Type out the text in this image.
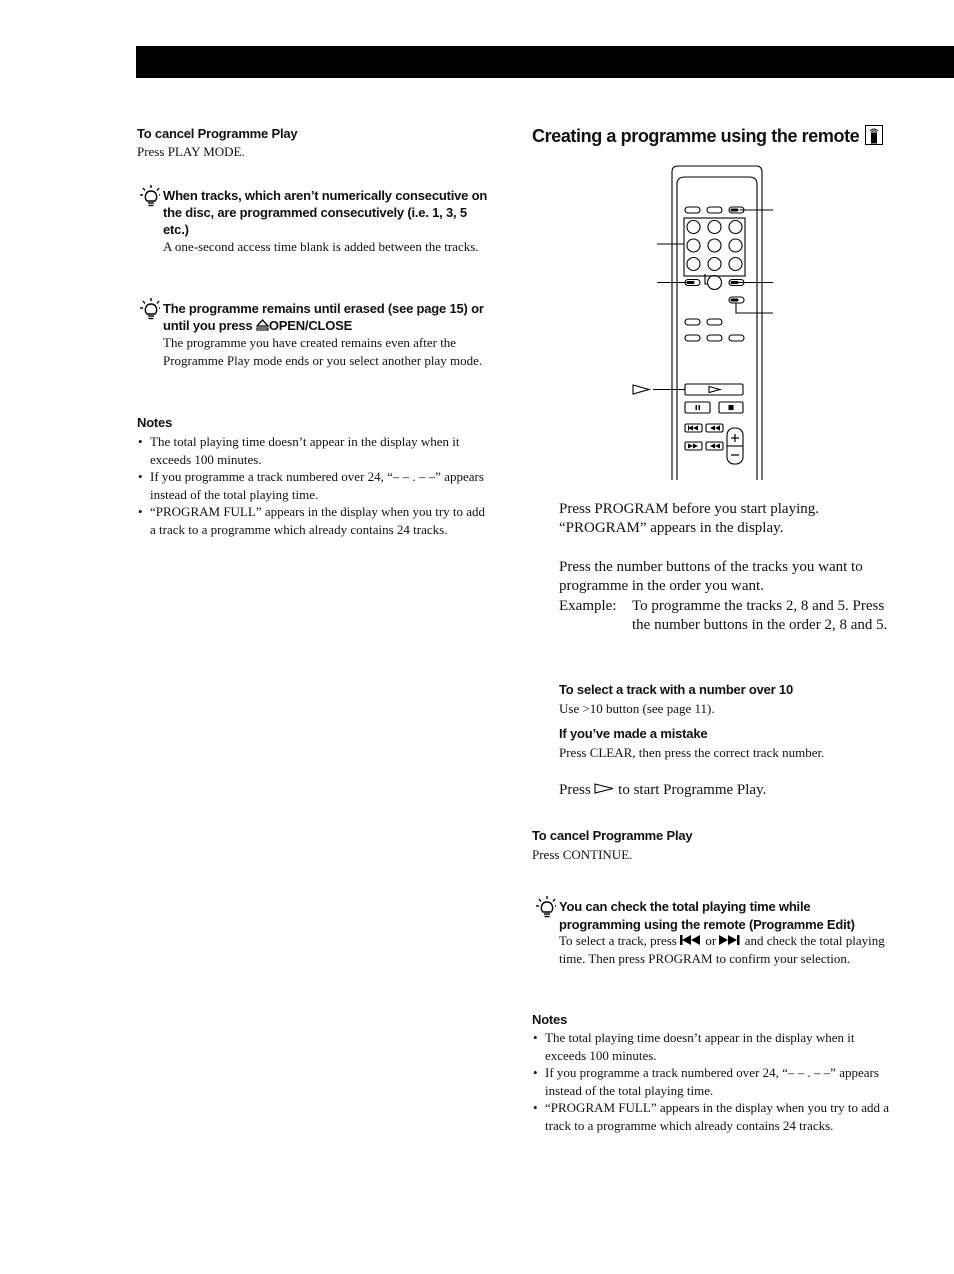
To cancel Programme Play
Press PLAY MODE.
When tracks, which aren’t numerically consecutive on the disc, are programmed consecutively (i.e. 1, 3, 5 etc.)
A one-second access time blank is added between the tracks.
The programme remains until erased (see page 15) or until you press OPEN/CLOSE
The programme you have created remains even after the Programme Play mode ends or you select another play mode.
Notes
• The total playing time doesn’t appear in the display when it exceeds 100 minutes.
• If you programme a track numbered over 24, “– – . – –” appears instead of the total playing time.
• “PROGRAM FULL” appears in the display when you try to add a track to a programme which already contains 24 tracks.
Creating a programme using the remote
Press PROGRAM before you start playing. “PROGRAM” appears in the display.
Press the number buttons of the tracks you want to programme in the order you want.
Example: To programme the tracks 2, 8 and 5. Press the number buttons in the order 2, 8 and 5.
To select a track with a number over 10
Use >10 button (see page 11).
If you’ve made a mistake
Press CLEAR, then press the correct track number.
Press  to start Programme Play.
To cancel Programme Play
Press CONTINUE.
You can check the total playing time while programming using the remote (Programme Edit)
To select a track, press  or  and check the total playing time. Then press PROGRAM to confirm your selection.
Notes
• The total playing time doesn’t appear in the display when it exceeds 100 minutes.
• If you programme a track numbered over 24, “– – . – –” appears instead of the total playing time.
• “PROGRAM FULL” appears in the display when you try to add a track to a programme which already contains 24 tracks.
